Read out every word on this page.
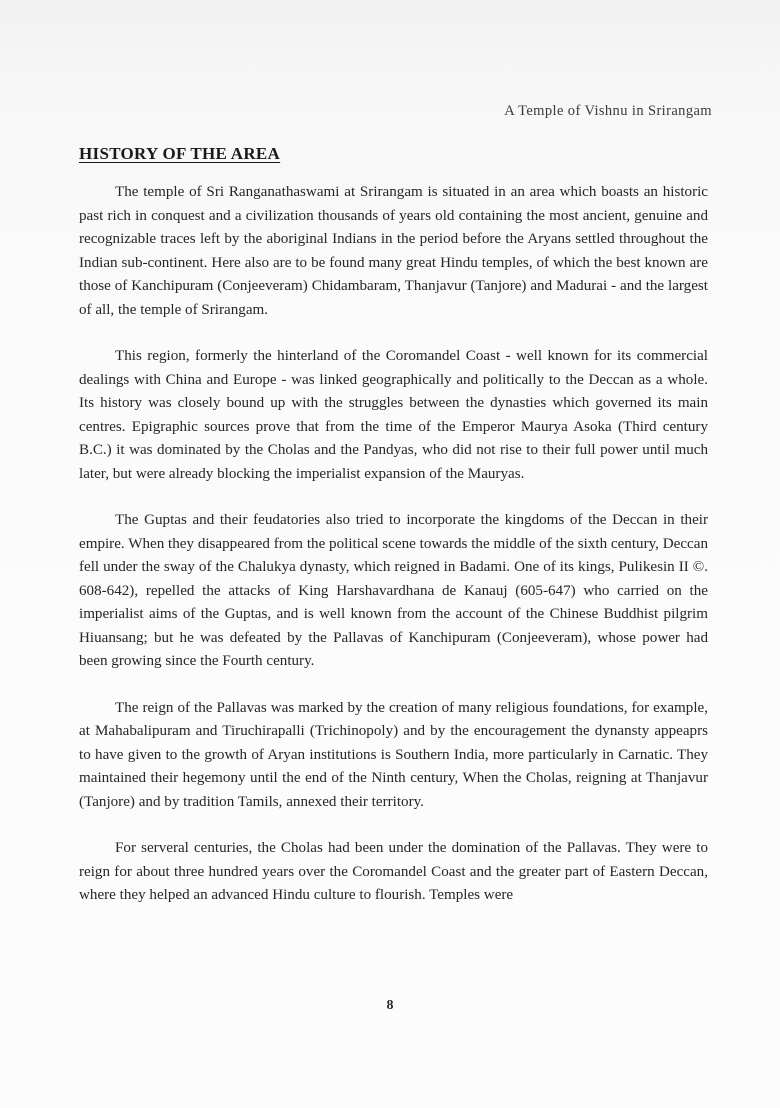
A Temple of Vishnu in Srirangam
HISTORY OF THE AREA

The temple of Sri Ranganathaswami at Srirangam is situated in an area which boasts an historic past rich in conquest and a civilization thousands of years old containing the most ancient, genuine and recognizable traces left by the aboriginal Indians in the period before the Aryans settled throughout the Indian sub-continent. Here also are to be found many great Hindu temples, of which the best known are those of Kanchipuram (Conjeeveram) Chidambaram, Thanjavur (Tanjore) and Madurai - and the largest of all, the temple of Srirangam.

This region, formerly the hinterland of the Coromandel Coast - well known for its commercial dealings with China and Europe - was linked geographically and politically to the Deccan as a whole. Its history was closely bound up with the struggles between the dynasties which governed its main centres. Epigraphic sources prove that from the time of the Emperor Maurya Asoka (Third century B.C.) it was dominated by the Cholas and the Pandyas, who did not rise to their full power until much later, but were already blocking the imperialist expansion of the Mauryas.

The Guptas and their feudatories also tried to incorporate the kingdoms of the Deccan in their empire. When they disappeared from the political scene towards the middle of the sixth century, Deccan fell under the sway of the Chalukya dynasty, which reigned in Badami. One of its kings, Pulikesin II ©. 608-642), repelled the attacks of King Harshavardhana de Kanauj (605-647) who carried on the imperialist aims of the Guptas, and is well known from the account of the Chinese Buddhist pilgrim Hiuansang; but he was defeated by the Pallavas of Kanchipuram (Conjeeveram), whose power had been growing since the Fourth century.

The reign of the Pallavas was marked by the creation of many religious foundations, for example, at Mahabalipuram and Tiruchirapalli (Trichinopoly) and by the encouragement the dynansty appeaprs to have given to the growth of Aryan institutions is Southern India, more particularly in Carnatic. They maintained their hegemony until the end of the Ninth century, When the Cholas, reigning at Thanjavur (Tanjore) and by tradition Tamils, annexed their territory.

For serveral centuries, the Cholas had been under the domination of the Pallavas. They were to reign for about three hundred years over the Coromandel Coast and the greater part of Eastern Deccan, where they helped an advanced Hindu culture to flourish. Temples were

8
